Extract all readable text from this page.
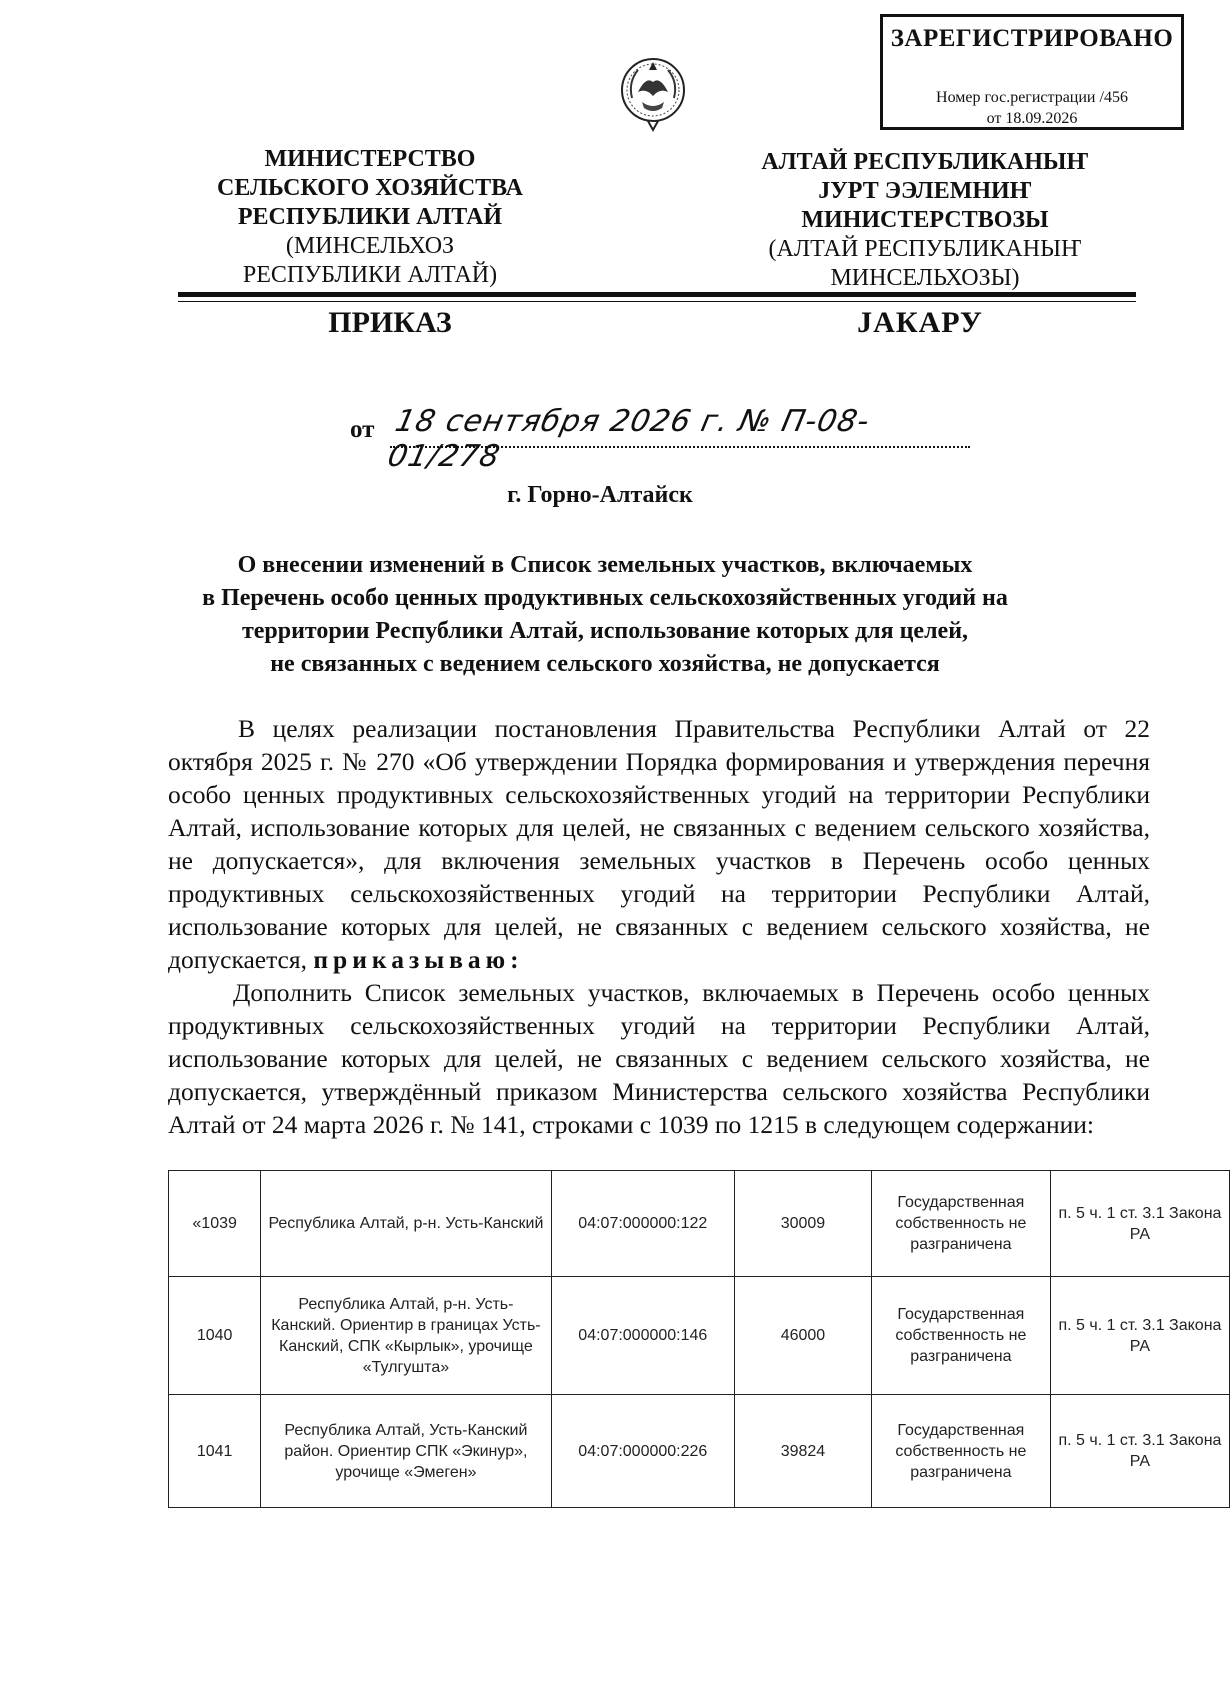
ЗАРЕГИСТРИРОВАНО
Номер гос.регистрации /456
от 18.09.2026
МИНИСТЕРСТВО
СЕЛЬСКОГО ХОЗЯЙСТВА
РЕСПУБЛИКИ АЛТАЙ
(МИНСЕЛЬХОЗ
РЕСПУБЛИКИ АЛТАЙ)
АЛТАЙ РЕСПУБЛИКАНЫҤ
ЈУРТ ЭЭЛЕМНИҤ
МИНИСТЕРСТВОЗЫ
(АЛТАЙ РЕСПУБЛИКАНЫҤ
МИНСЕЛЬХОЗЫ)
ПРИКАЗ	ЈАКАРУ
от 18 сентября 2026 г. № П-08-01/278
г. Горно-Алтайск
О внесении изменений в Список земельных участков, включаемых
в Перечень особо ценных продуктивных сельскохозяйственных угодий на
территории Республики Алтай, использование которых для целей,
не связанных с ведением сельского хозяйства, не допускается
В целях реализации постановления Правительства Республики Алтай от 22 октября 2025 г. № 270 «Об утверждении Порядка формирования и утверждения перечня особо ценных продуктивных сельскохозяйственных угодий на территории Республики Алтай, использование которых для целей, не связанных с ведением сельского хозяйства, не допускается», для включения земельных участков в Перечень особо ценных продуктивных сельскохозяйственных угодий на территории Республики Алтай, использование которых для целей, не связанных с ведением сельского хозяйства, не допускается, приказываю:
Дополнить Список земельных участков, включаемых в Перечень особо ценных продуктивных сельскохозяйственных угодий на территории Республики Алтай, использование которых для целей, не связанных с ведением сельского хозяйства, не допускается, утверждённый приказом Министерства сельского хозяйства Республики Алтай от 24 марта 2026 г. № 141, строками с 1039 по 1215 в следующем содержании:
«1039	Республика Алтай, р-н. Усть-Канский	04:07:000000:122	30009	Государственная собственность не разграничена	п. 5 ч. 1 ст. 3.1 Закона РА
1040	Республика Алтай, р-н. Усть-Канский. Ориентир в границах Усть- Канский, СПК «Кырлык», урочище «Тулгушта»	04:07:000000:146	46000	Государственная собственность не разграничена	п. 5 ч. 1 ст. 3.1 Закона РА
1041	Республика Алтай, Усть-Канский район. Ориентир СПК «Экинур», урочище «Эмеген»	04:07:000000:226	39824	Государственная собственность не разграничена	п. 5 ч. 1 ст. 3.1 Закона РА
